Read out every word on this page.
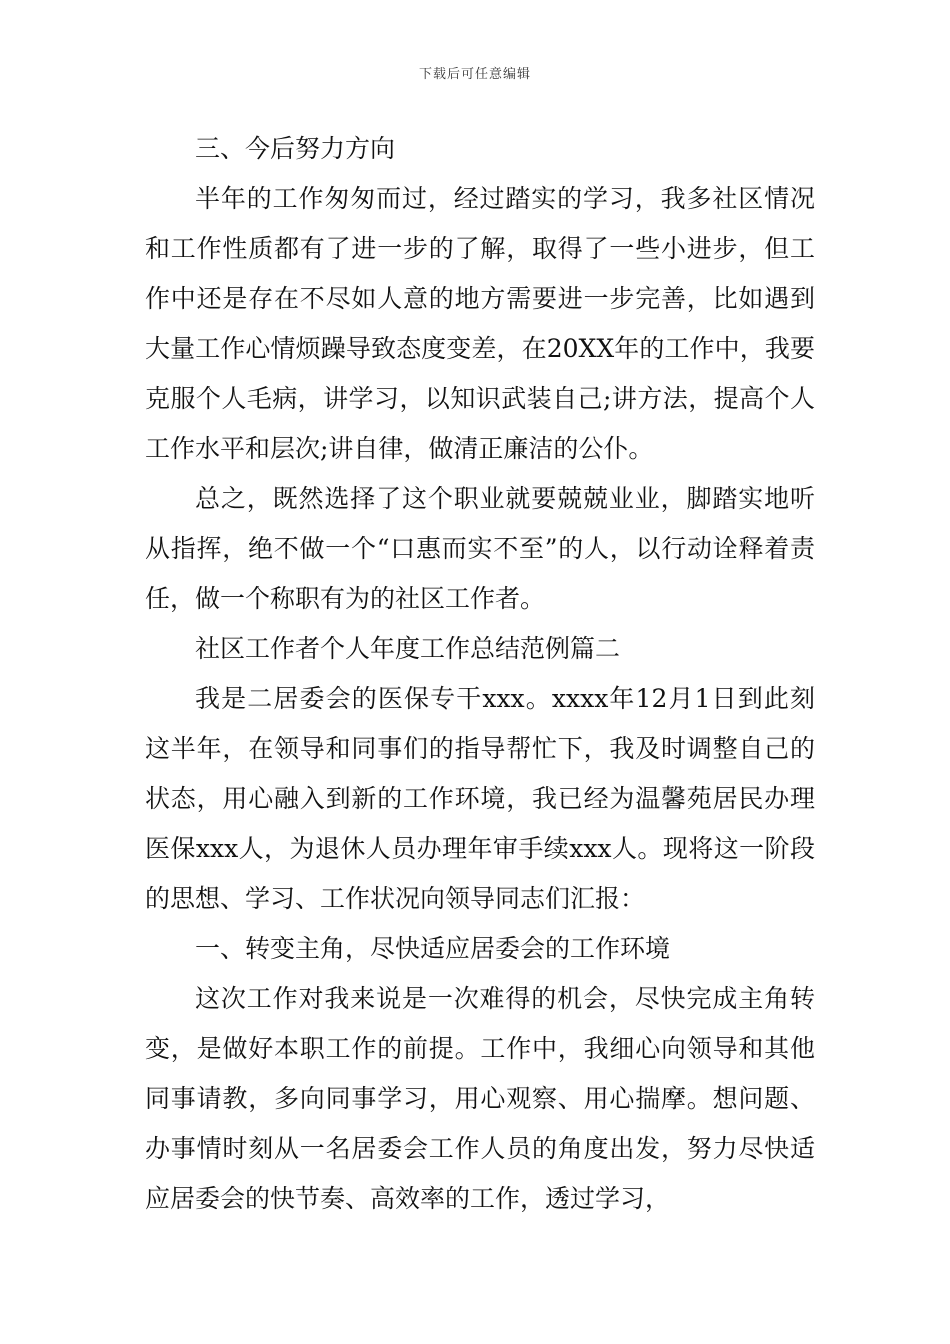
下载后可任意编辑

三、今后努力方向

半年的工作匆匆而过，经过踏实的学习，我多社区情况和工作性质都有了进一步的了解，取得了一些小进步，但工作中还是存在不尽如人意的地方需要进一步完善，比如遇到大量工作心情烦躁导致态度变差，在20XX年的工作中，我要克服个人毛病，讲学习，以知识武装自己;讲方法，提高个人工作水平和层次;讲自律，做清正廉洁的公仆。

总之，既然选择了这个职业就要兢兢业业，脚踏实地听从指挥，绝不做一个“口惠而实不至”的人，以行动诠释着责任，做一个称职有为的社区工作者。

社区工作者个人年度工作总结范例篇二

我是二居委会的医保专干xxx。xxxx年12月1日到此刻这半年，在领导和同事们的指导帮忙下，我及时调整自己的状态，用心融入到新的工作环境，我已经为温馨苑居民办理医保xxx人，为退休人员办理年审手续xxx人。现将这一阶段的思想、学习、工作状况向领导同志们汇报：

一、转变主角，尽快适应居委会的工作环境

这次工作对我来说是一次难得的机会，尽快完成主角转变，是做好本职工作的前提。工作中，我细心向领导和其他同事请教，多向同事学习，用心观察、用心揣摩。想问题、办事情时刻从一名居委会工作人员的角度出发，努力尽快适应居委会的快节奏、高效率的工作，透过学习，
